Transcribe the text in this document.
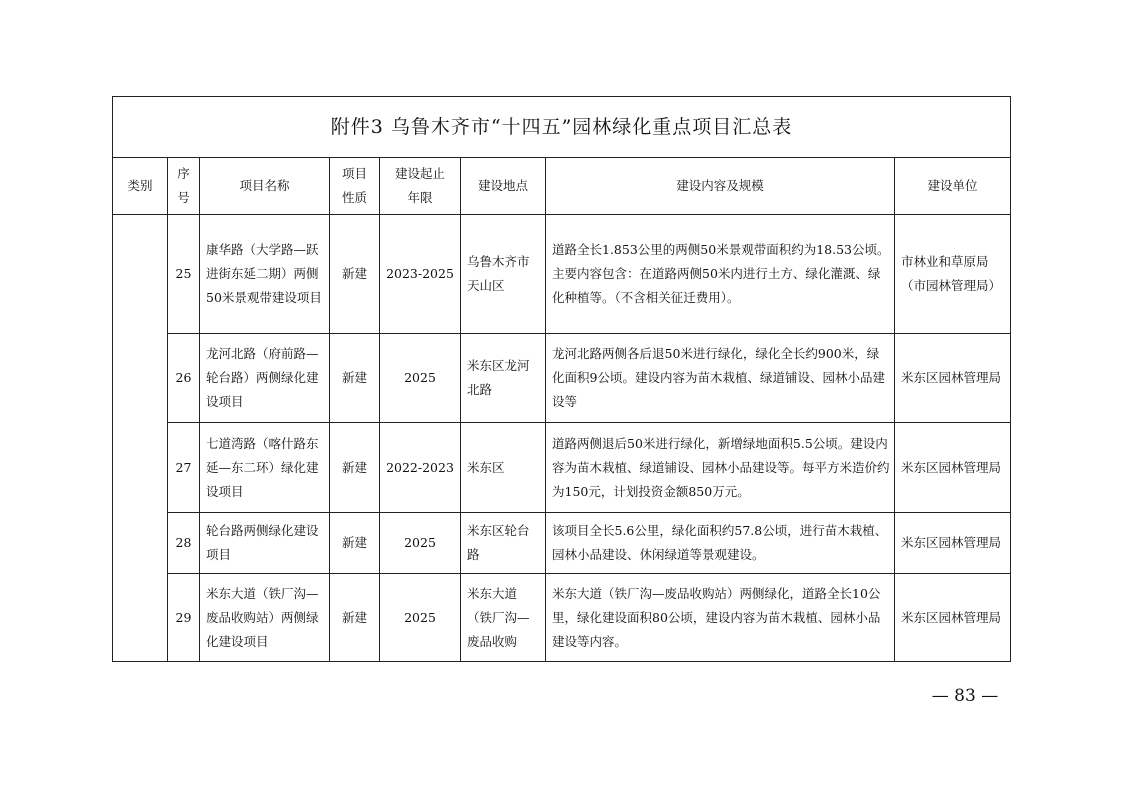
附件3 乌鲁木齐市“十四五”园林绿化重点项目汇总表							
类别	序号	项目名称	项目性质	建设起止年限	建设地点	建设内容及规模	建设单位
	25	康华路（大学路—跃进街东延二期）两侧50米景观带建设项目	新建	2023-2025	乌鲁木齐市天山区	道路全长1.853公里的两侧50米景观带面积约为18.53公顷。主要内容包含：在道路两侧50米内进行土方、绿化灌溉、绿化种植等。（不含相关征迁费用）。	市林业和草原局（市园林管理局）
	26	龙河北路（府前路—轮台路）两侧绿化建设项目	新建	2025	米东区龙河北路	龙河北路两侧各后退50米进行绿化，绿化全长约900米，绿化面积9公顷。建设内容为苗木栽植、绿道铺设、园林小品建设等	米东区园林管理局
	27	七道湾路（喀什路东延—东二环）绿化建设项目	新建	2022-2023	米东区	道路两侧退后50米进行绿化，新增绿地面积5.5公顷。建设内容为苗木栽植、绿道铺设、园林小品建设等。每平方米造价约为150元，计划投资金额850万元。	米东区园林管理局
	28	轮台路两侧绿化建设项目	新建	2025	米东区轮台路	该项目全长5.6公里，绿化面积约57.8公顷，进行苗木栽植、园林小品建设、休闲绿道等景观建设。	米东区园林管理局
	29	米东大道（铁厂沟—废品收购站）两侧绿化建设项目	新建	2025	米东大道（铁厂沟—废品收购	米东大道（铁厂沟—废品收购站）两侧绿化，道路全长10公里，绿化建设面积80公顷，建设内容为苗木栽植、园林小品建设等内容。	米东区园林管理局
— 83 —
